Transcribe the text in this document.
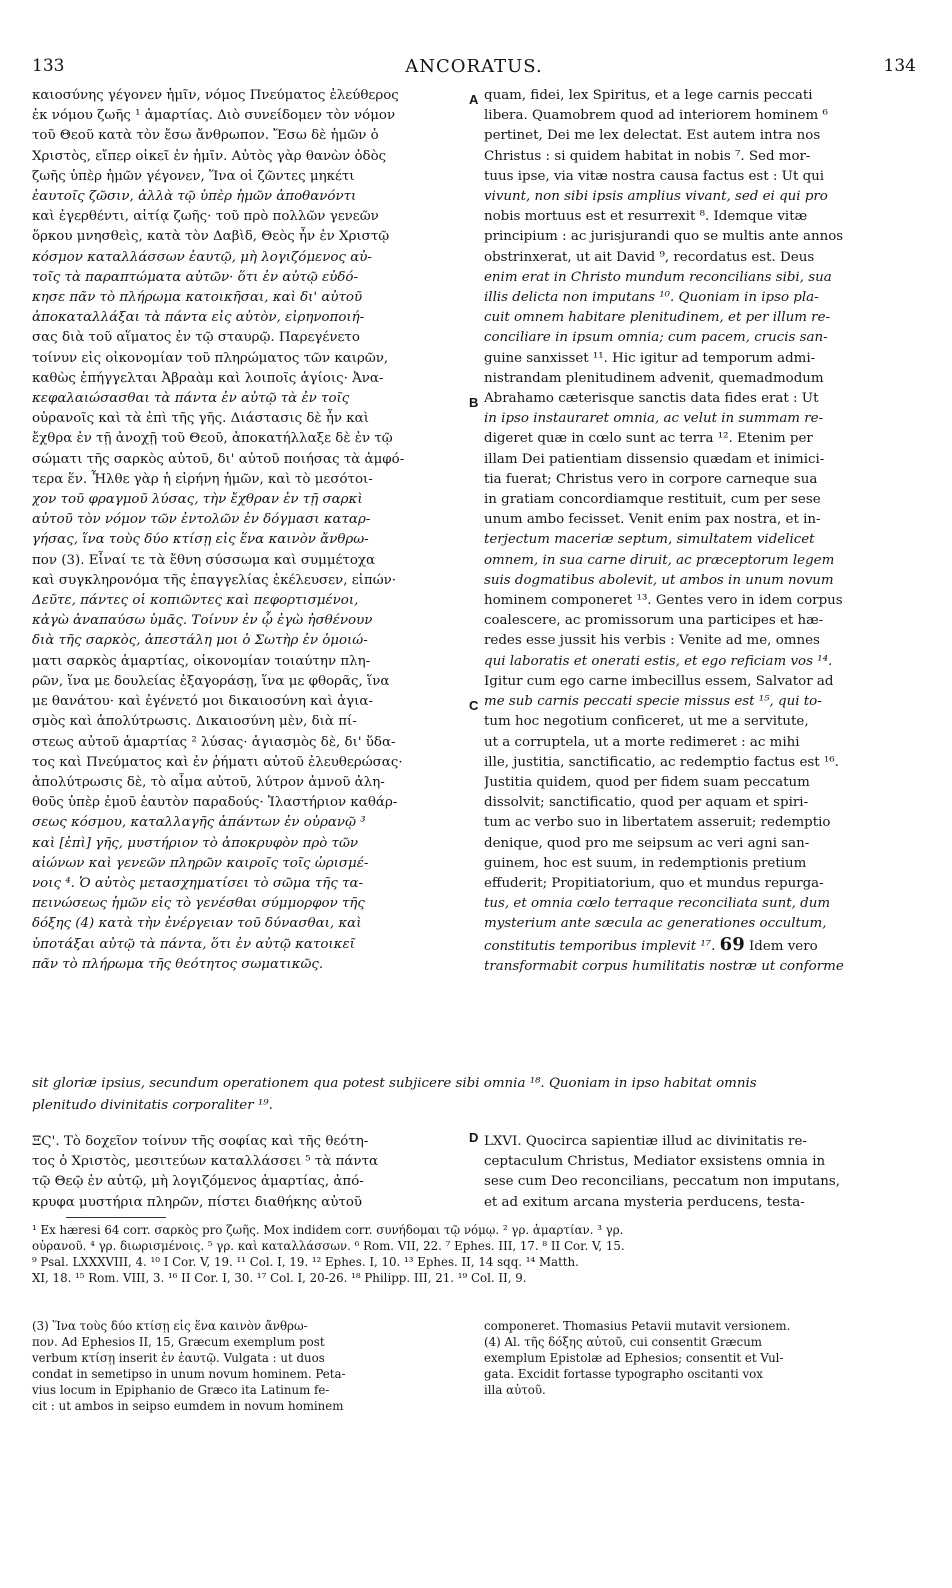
133	ANCORATUS.	134
καιοσύνης γέγονεν ἡμῖν, νόμος Πνεύματος ἐλεύθερος
ἐκ νόμου ζωῆς ¹ ἁμαρτίας. Διὸ συνείδομεν τὸν νόμον
τοῦ Θεοῦ κατὰ τὸν ἔσω ἄνθρωπον. Ἔσω δὲ ἡμῶν ὁ
Χριστὸς, εἴπερ οἰκεῖ ἐν ἡμῖν. Αὐτὸς γὰρ θανὼν ὁδὸς
ζωῆς ὑπὲρ ἡμῶν γέγονεν, Ἵνα οἱ ζῶντες μηκέτι
ἑαυτοῖς ζῶσιν, ἀλλὰ τῷ ὑπὲρ ἡμῶν ἀποθανόντι
καὶ ἐγερθέντι, αἰτίᾳ ζωῆς· τοῦ πρὸ πολλῶν γενεῶν
ὅρκου μνησθεὶς, κατὰ τὸν Δαβὶδ, Θεὸς ἦν ἐν Χριστῷ
κόσμον καταλλάσσων ἑαυτῷ, μὴ λογιζόμενος αὐ-
τοῖς τὰ παραπτώματα αὐτῶν· ὅτι ἐν αὐτῷ εὐδό-
κησε πᾶν τὸ πλήρωμα κατοικῆσαι, καὶ δι' αὐτοῦ
ἀποκαταλλάξαι τὰ πάντα εἰς αὐτὸν, εἰρηνοποιή-
σας διὰ τοῦ αἵματος ἐν τῷ σταυρῷ. Παρεγένετο
τοίνυν εἰς οἰκονομίαν τοῦ πληρώματος τῶν καιρῶν,
καθὼς ἐπήγγελται Ἀβραὰμ καὶ λοιποῖς ἁγίοις· Ἀνα-
κεφαλαιώσασθαι τὰ πάντα ἐν αὐτῷ τὰ ἐν τοῖς
οὐρανοῖς καὶ τὰ ἐπὶ τῆς γῆς. Διάστασις δὲ ἦν καὶ
ἔχθρα ἐν τῇ ἀνοχῇ τοῦ Θεοῦ, ἀποκατήλλαξε δὲ ἐν τῷ
σώματι τῆς σαρκὸς αὐτοῦ, δι' αὐτοῦ ποιήσας τὰ ἀμφό-
τερα ἕν. Ἦλθε γὰρ ἡ εἰρήνη ἡμῶν, καὶ τὸ μεσότοι-
χον τοῦ φραγμοῦ λύσας, τὴν ἔχθραν ἐν τῇ σαρκὶ
αὐτοῦ τὸν νόμον τῶν ἐντολῶν ἐν δόγμασι καταρ-
γήσας, ἵνα τοὺς δύο κτίσῃ εἰς ἕνα καινὸν ἄνθρω-
πον (3). Εἶναί τε τὰ ἔθνη σύσσωμα καὶ συμμέτοχα
καὶ συγκληρονόμα τῆς ἐπαγγελίας ἐκέλευσεν, εἰπών·
Δεῦτε, πάντες οἱ κοπιῶντες καὶ πεφορτισμένοι,
κἀγὼ ἀναπαύσω ὑμᾶς. Τοίνυν ἐν ᾧ ἐγὼ ἠσθένουν
διὰ τῆς σαρκὸς, ἀπεστάλη μοι ὁ Σωτὴρ ἐν ὁμοιώ-
ματι σαρκὸς ἁμαρτίας, οἰκονομίαν τοιαύτην πλη-
ρῶν, ἵνα με δουλείας ἐξαγοράσῃ, ἵνα με φθορᾶς, ἵνα
με θανάτου· καὶ ἐγένετό μοι δικαιοσύνη καὶ ἁγια-
σμὸς καὶ ἀπολύτρωσις. Δικαιοσύνη μὲν, διὰ πί-
στεως αὐτοῦ ἁμαρτίας ² λύσας· ἁγιασμὸς δὲ, δι' ὕδα-
τος καὶ Πνεύματος καὶ ἐν ῥήματι αὐτοῦ ἐλευθερώσας·
ἀπολύτρωσις δὲ, τὸ αἷμα αὐτοῦ, λύτρον ἀμνοῦ ἀλη-
θοῦς ὑπὲρ ἐμοῦ ἑαυτὸν παραδούς· Ἱλαστήριον καθάρ-
σεως κόσμου, καταλλαγῆς ἁπάντων ἐν οὐρανῷ ³
καὶ [ἐπὶ] γῆς, μυστήριον τὸ ἀποκρυφὸν πρὸ τῶν
αἰώνων καὶ γενεῶν πληρῶν καιροῖς τοῖς ὡρισμέ-
νοις ⁴. Ὁ αὐτὸς μετασχηματίσει τὸ σῶμα τῆς τα-
πεινώσεως ἡμῶν εἰς τὸ γενέσθαι σύμμορφον τῆς
δόξης (4) κατὰ τὴν ἐνέργειαν τοῦ δύνασθαι, καὶ
ὑποτάξαι αὐτῷ τὰ πάντα, ὅτι ἐν αὐτῷ κατοικεῖ
πᾶν τὸ πλήρωμα τῆς θεότητος σωματικῶς.
A
B
C
D
quam, fidei, lex Spiritus, et a lege carnis peccati
libera. Quamobrem quod ad interiorem hominem ⁶
pertinet, Dei me lex delectat. Est autem intra nos
Christus : si quidem habitat in nobis ⁷. Sed mor-
tuus ipse, via vitæ nostra causa factus est : Ut qui
vivunt, non sibi ipsis amplius vivant, sed ei qui pro
nobis mortuus est et resurrexit ⁸. Idemque vitæ
principium : ac jurisjurandi quo se multis ante annos
obstrinxerat, ut ait David ⁹, recordatus est. Deus
enim erat in Christo mundum reconcilians sibi, sua
illis delicta non imputans ¹⁰. Quoniam in ipso pla-
cuit omnem habitare plenitudinem, et per illum re-
conciliare in ipsum omnia; cum pacem, crucis san-
guine sanxisset ¹¹. Hic igitur ad temporum admi-
nistrandam plenitudinem advenit, quemadmodum
Abrahamo cæterisque sanctis data fides erat : Ut
in ipso instauraret omnia, ac velut in summam re-
digeret quæ in cœlo sunt ac terra ¹². Etenim per
illam Dei patientiam dissensio quædam et inimici-
tia fuerat; Christus vero in corpore carneque sua
in gratiam concordiamque restituit, cum per sese
unum ambo fecisset. Venit enim pax nostra, et in-
terjectum maceriæ septum, simultatem videlicet
omnem, in sua carne diruit, ac præceptorum legem
suis dogmatibus abolevit, ut ambos in unum novum
hominem componeret ¹³. Gentes vero in idem corpus
coalescere, ac promissorum una participes et hæ-
redes esse jussit his verbis : Venite ad me, omnes
qui laboratis et onerati estis, et ego reficiam vos ¹⁴.
Igitur cum ego carne imbecillus essem, Salvator ad
me sub carnis peccati specie missus est ¹⁵, qui to-
tum hoc negotium conficeret, ut me a servitute,
ut a corruptela, ut a morte redimeret : ac mihi
ille, justitia, sanctificatio, ac redemptio factus est ¹⁶.
Justitia quidem, quod per fidem suam peccatum
dissolvit; sanctificatio, quod per aquam et spiri-
tum ac verbo suo in libertatem asseruit; redemptio
denique, quod pro me seipsum ac veri agni san-
guinem, hoc est suum, in redemptionis pretium
effuderit; Propitiatorium, quo et mundus repurga-
tus, et omnia cœlo terraque reconciliata sunt, dum
mysterium ante sæcula ac generationes occultum,
constitutis temporibus implevit ¹⁷. 69 Idem vero
transformabit corpus humilitatis nostræ ut conforme
sit gloriæ ipsius, secundum operationem qua potest subjicere sibi omnia ¹⁸. Quoniam in ipso habitat omnis
plenitudo divinitatis corporaliter ¹⁹.
ΞϚ'. Τὸ δοχεῖον τοίνυν τῆς σοφίας καὶ τῆς θεότη-
τος ὁ Χριστὸς, μεσιτεύων καταλλάσσει ⁵ τὰ πάντα
τῷ Θεῷ ἐν αὐτῷ, μὴ λογιζόμενος ἁμαρτίας, ἀπό-
κρυφα μυστήρια πληρῶν, πίστει διαθήκης αὐτοῦ
LXVI. Quocirca sapientiæ illud ac divinitatis re-
ceptaculum Christus, Mediator exsistens omnia in
sese cum Deo reconcilians, peccatum non imputans,
et ad exitum arcana mysteria perducens, testa-
¹ Ex hæresi 64 corr. σαρκὸς pro ζωῆς. Mox indidem corr. συνήδομαι τῷ νόμῳ. ² γρ. ἁμαρτίαν. ³ γρ.
οὐρανοῦ. ⁴ γρ. διωρισμένοις. ⁵ γρ. καὶ καταλλάσσων. ⁶ Rom. VII, 22. ⁷ Ephes. III, 17. ⁸ II Cor. V, 15.
⁹ Psal. LXXXVIII, 4. ¹⁰ I Cor. V, 19. ¹¹ Col. I, 19. ¹² Ephes. I, 10. ¹³ Ephes. II, 14 sqq. ¹⁴ Matth.
XI, 18. ¹⁵ Rom. VIII, 3. ¹⁶ II Cor. I, 30. ¹⁷ Col. I, 20-26. ¹⁸ Philipp. III, 21. ¹⁹ Col. II, 9.
(3) Ἵνα τοὺς δύο κτίσῃ εἰς ἕνα καινὸν ἄνθρω-
πον. Ad Ephesios II, 15, Græcum exemplum post
verbum κτίσῃ inserit ἐν ἑαυτῷ. Vulgata : ut duos
condat in semetipso in unum novum hominem. Peta-
vius locum in Epiphanio de Græco ita Latinum fe-
cit : ut ambos in seipso eumdem in novum hominem
componeret. Thomasius Petavii mutavit versionem.
(4) Al. τῆς δόξης αὐτοῦ, cui consentit Græcum
exemplum Epistolæ ad Ephesios; consentit et Vul-
gata. Excidit fortasse typographo oscitanti vox
illa αὐτοῦ.
